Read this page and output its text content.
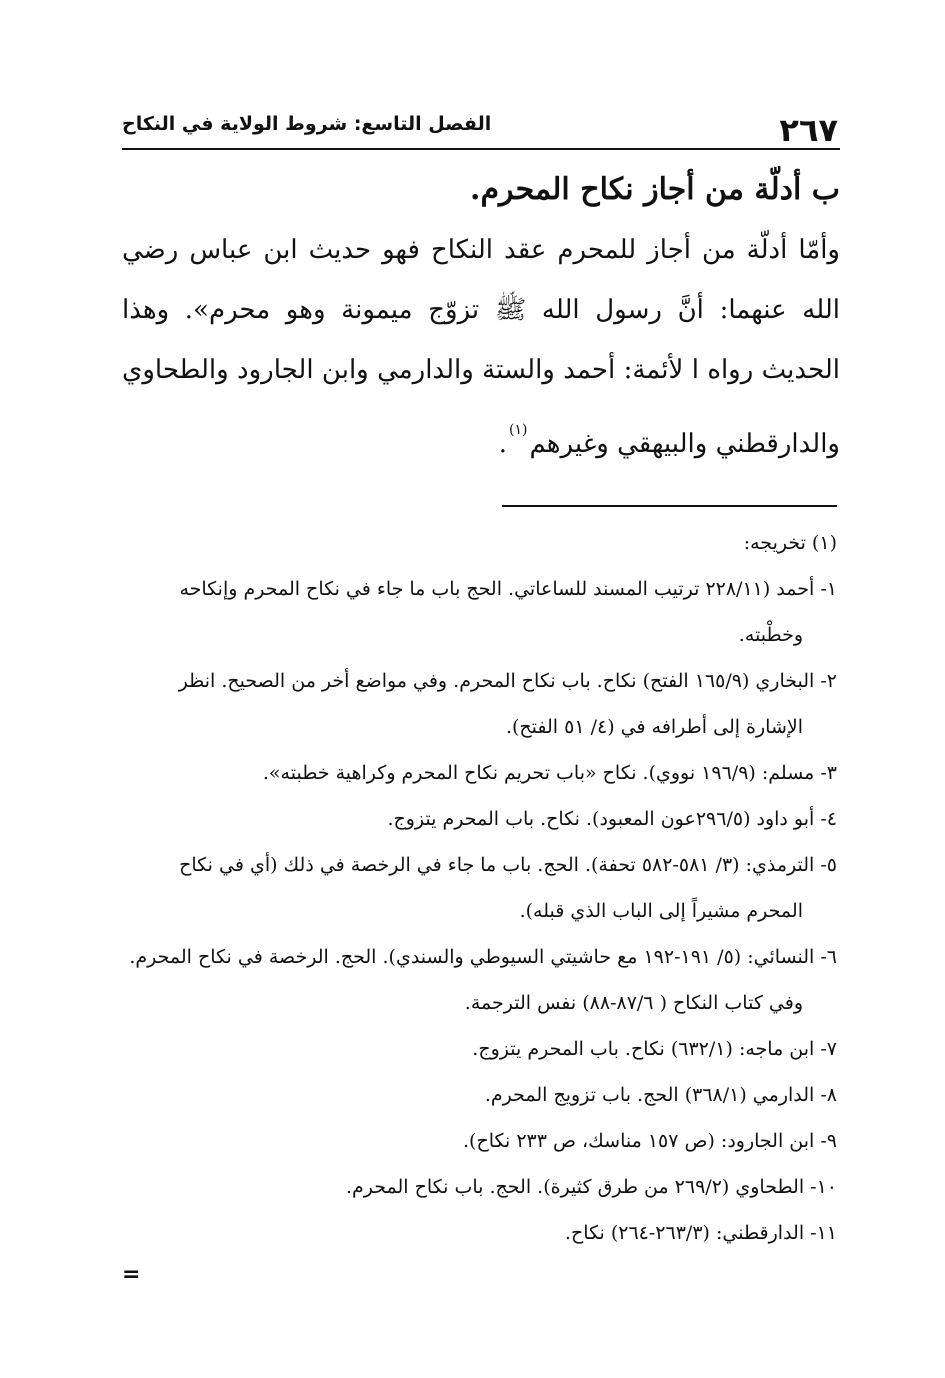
٢٦٧
الفصل التاسع: شروط الولاية في النكاح
ب أدلّة من أجاز نكاح المحرم.

وأمّا أدلّة من أجاز للمحرم عقد النكاح فهو حديث ابن عباس رضي الله عنهما: أنَّ رسول الله ﷺ تزوّج ميمونة وهو محرم». وهذا الحديث رواه ا لأئمة: أحمد والستة والدارمي وابن الجارود والطحاوي والدارقطني والبيهقي وغيرهم$^{(١)}$.

(١) تخريجه:

١- أحمد (٢٢٨/١١ ترتيب المسند للساعاتي. الحج باب ما جاء في نكاح المحرم وإنكاحه وخطْبته.
٢- البخاري (١٦٥/٩ الفتح) نكاح. باب نكاح المحرم. وفي مواضع أخر من الصحيح. انظر الإشارة إلى أطرافه في (٤/ ٥١ الفتح).
٣- مسلم: (١٩٦/٩ نووي). نكاح «باب تحريم نكاح المحرم وكراهية خطبته».
٤- أبو داود (٢٩٦/٥عون المعبود). نكاح. باب المحرم يتزوج.
٥- الترمذي: (٣/ ٥٨١-٥٨٢ تحفة). الحج. باب ما جاء في الرخصة في ذلك (أي في نكاح المحرم مشيراً إلى الباب الذي قبله).
٦- النسائي: (٥/ ١٩١-١٩٢ مع حاشيتي السيوطي والسندي). الحج. الرخصة في نكاح المحرم. وفي كتاب النكاح ( ٨٧/٦-٨٨) نفس الترجمة.
٧- ابن ماجه: (٦٣٢/١) نكاح. باب المحرم يتزوج.
٨- الدارمي (٣٦٨/١) الحج. باب تزويج المحرم.
٩- ابن الجارود: (ص ١٥٧ مناسك، ص ٢٣٣ نكاح).
١٠- الطحاوي (٢٦٩/٢ من طرق كثيرة). الحج. باب نكاح المحرم.
١١- الدارقطني: (٢٦٣/٣-٢٦٤) نكاح.
=
